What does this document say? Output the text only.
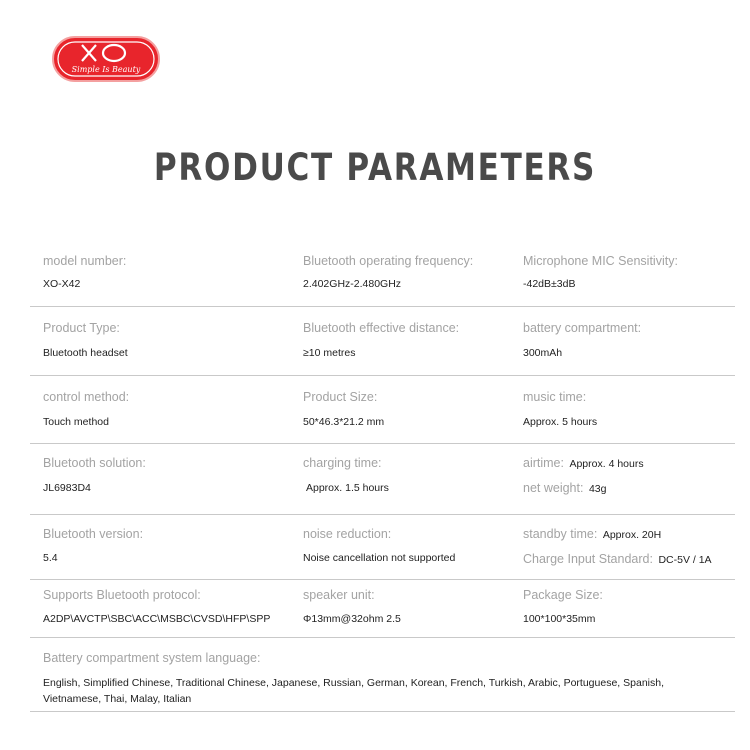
Simple Is Beauty
PRODUCT PARAMETERS
model number:
XO-X42
Bluetooth operating frequency:
2.402GHz-2.480GHz
Microphone MIC Sensitivity:
-42dB±3dB
Product Type:
Bluetooth headset
Bluetooth effective distance:
≥10 metres
battery compartment:
300mAh
control method:
Touch method
Product Size:
50*46.3*21.2 mm
music time:
Approx. 5 hours
Bluetooth solution:
JL6983D4
charging time:
Approx. 1.5 hours
airtime: Approx. 4 hours
net weight: 43g
Bluetooth version:
5.4
noise reduction:
Noise cancellation not supported
standby time: Approx. 20H
Charge Input Standard: DC-5V / 1A
Supports Bluetooth protocol:
A2DP\AVCTP\SBC\ACC\MSBC\CVSD\HFP\SPP
speaker unit:
Φ13mm@32ohm 2.5
Package Size:
100*100*35mm
Battery compartment system language:
English, Simplified Chinese, Traditional Chinese, Japanese, Russian, German, Korean, French, Turkish, Arabic, Portuguese, Spanish,
Vietnamese, Thai, Malay, Italian
